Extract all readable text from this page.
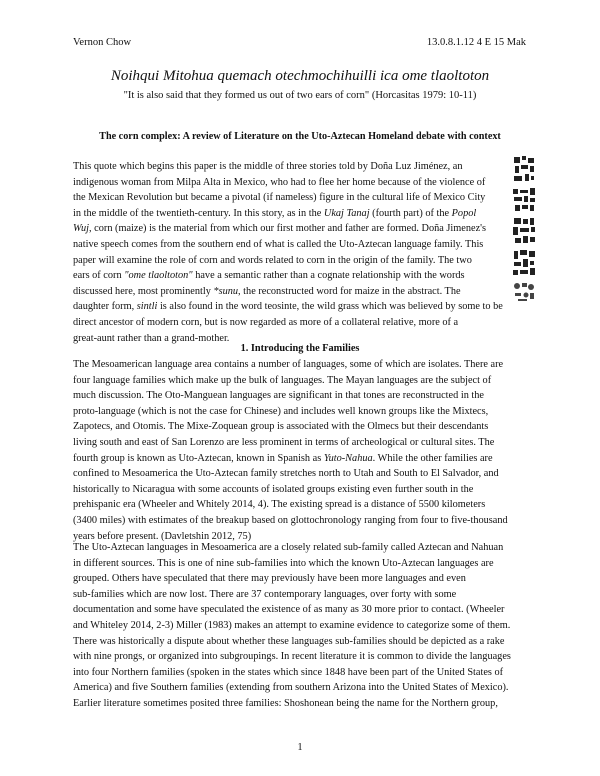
Vernon Chow	13.0.8.1.12 4 E 15 Mak
Noihqui Mitohua quemach otechmochihuilli ica ome tlaoltoton
"It is also said that they formed us out of two ears of corn" (Horcasitas 1979: 10-11)
The corn complex: A review of Literature on the Uto-Aztecan Homeland debate with context
This quote which begins this paper is the middle of three stories told by Doña Luz Jiménez, an
indigenous woman from Milpa Alta in Mexico, who had to flee her home because of the violence of
the Mexican Revolution but became a pivotal (if nameless) figure in the cultural life of Mexico City
in the middle of the twentieth-century. In this story, as in the Ukaj Tanaj (fourth part) of the Popol
Wuj, corn (maize) is the material from which our first mother and father are formed. Doña Jimenez's
native speech comes from the southern end of what is called the Uto-Aztecan language family. This
paper will examine the role of corn and words related to corn in the origin of the family. The two
ears of corn "ome tlaoltoton" have a semantic rather than a cognate relationship with the words
discussed here, most prominently *sunu, the reconstructed word for maize in the abstract. The
daughter form, sintli is also found in the word teosinte, the wild grass which was believed by some to be
direct ancestor of modern corn, but is now regarded as more of a collateral relative, more of a
great-aunt rather than a grand-mother.
1. Introducing the Families
The Mesoamerican language area contains a number of languages, some of which are isolates. There are
four language families which make up the bulk of languages. The Mayan languages are the subject of
much discussion. The Oto-Manguean languages are significant in that tones are reconstructed in the
proto-language (which is not the case for Chinese) and includes well known groups like the Mixtecs,
Zapotecs, and Otomis. The Mixe-Zoquean group is associated with the Olmecs but their descendants
living south and east of San Lorenzo are less prominent in terms of archeological or cultural sites. The
fourth group is known as Uto-Aztecan, known in Spanish as Yuto-Nahua. While the other families are
confined to Mesoamerica the Uto-Aztecan family stretches north to Utah and South to El Salvador, and
historically to Nicaragua with some accounts of isolated groups existing even further south in the
prehispanic era (Wheeler and Whitely 2014, 4). The existing spread is a distance of 5500 kilometers
(3400 miles) with estimates of the breakup based on glottochronology ranging from four to five-thousand
years before present. (Davletshin 2012, 75)
The Uto-Aztecan languages in Mesoamerica are a closely related sub-family called Aztecan and Nahuan
in different sources. This is one of nine sub-families into which the known Uto-Aztecan languages are
grouped. Others have speculated that there may previously have been more languages and even
sub-families which are now lost. There are 37 contemporary languages, over forty with some
documentation and some have speculated the existence of as many as 30 more prior to contact. (Wheeler
and Whiteley 2014, 2-3) Miller (1983) makes an attempt to examine evidence to categorize some of them.
There was historically a dispute about whether these languages sub-families should be depicted as a rake
with nine prongs, or organized into subgroupings. In recent literature it is common to divide the languages
into four Northern families (spoken in the states which since 1848 have been part of the United States of
America) and five Southern families (extending from southern Arizona into the United States of Mexico).
Earlier literature sometimes posited three families: Shoshonean being the name for the Northern group,
1
